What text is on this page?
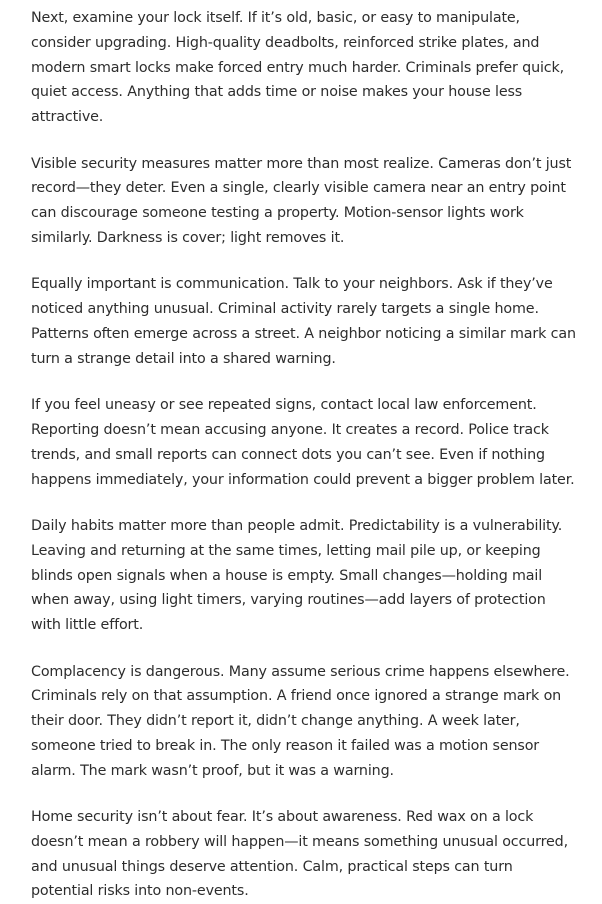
Next, examine your lock itself. If it’s old, basic, or easy to manipulate, consider upgrading. High-quality deadbolts, reinforced strike plates, and modern smart locks make forced entry much harder. Criminals prefer quick, quiet access. Anything that adds time or noise makes your house less attractive.

Visible security measures matter more than most realize. Cameras don’t just record—they deter. Even a single, clearly visible camera near an entry point can discourage someone testing a property. Motion-sensor lights work similarly. Darkness is cover; light removes it.

Equally important is communication. Talk to your neighbors. Ask if they’ve noticed anything unusual. Criminal activity rarely targets a single home. Patterns often emerge across a street. A neighbor noticing a similar mark can turn a strange detail into a shared warning.

If you feel uneasy or see repeated signs, contact local law enforcement. Reporting doesn’t mean accusing anyone. It creates a record. Police track trends, and small reports can connect dots you can’t see. Even if nothing happens immediately, your information could prevent a bigger problem later.

Daily habits matter more than people admit. Predictability is a vulnerability. Leaving and returning at the same times, letting mail pile up, or keeping blinds open signals when a house is empty. Small changes—holding mail when away, using light timers, varying routines—add layers of protection with little effort.

Complacency is dangerous. Many assume serious crime happens elsewhere. Criminals rely on that assumption. A friend once ignored a strange mark on their door. They didn’t report it, didn’t change anything. A week later, someone tried to break in. The only reason it failed was a motion sensor alarm. The mark wasn’t proof, but it was a warning.

Home security isn’t about fear. It’s about awareness. Red wax on a lock doesn’t mean a robbery will happen—it means something unusual occurred, and unusual things deserve attention. Calm, practical steps can turn potential risks into non-events.
